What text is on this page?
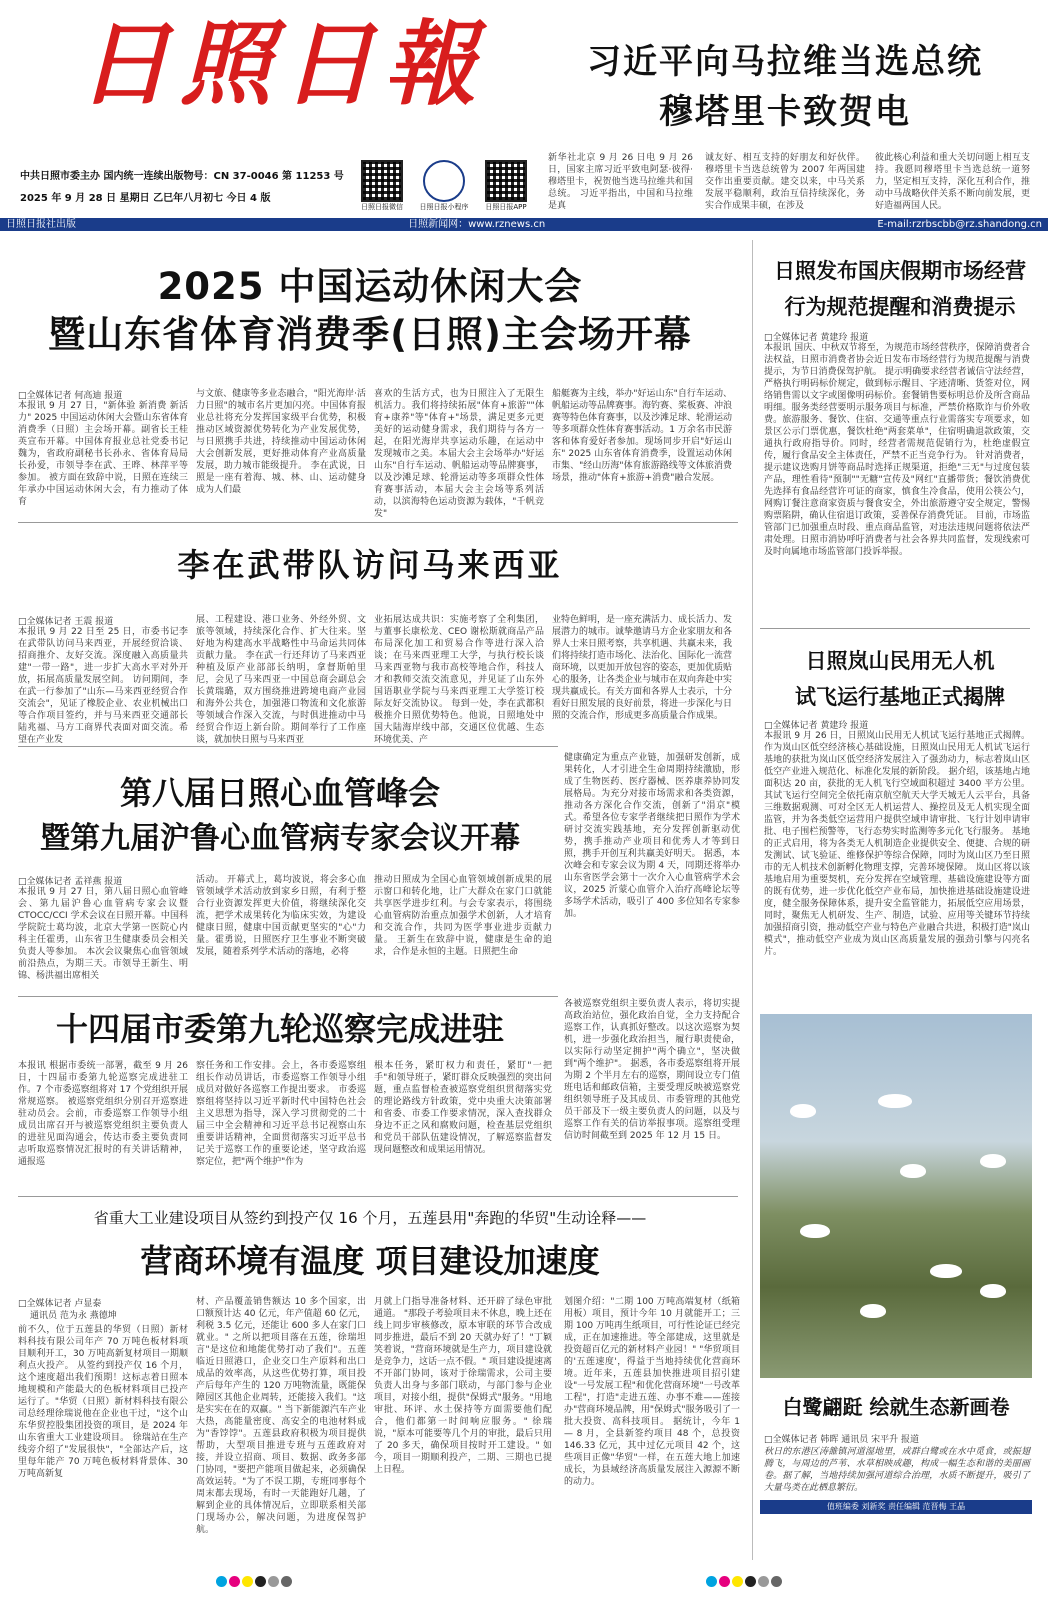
日照日報
中共日照市委主办 国内统一连续出版物号：CN 37-0046 第 11253 号
2025 年 9 月 28 日 星期日 乙巳年八月初七 今日 4 版
日照日报微信	日照日报小程序	日照日报APP
习近平向马拉维当选总统
穆塔里卡致贺电
新华社北京 9 月 26 日电 9 月 26 日，国家主席习近平致电阿瑟·彼得·穆塔里卡，祝贺他当选马拉维共和国总统。 习近平指出，中国和马拉维是真
诚友好、相互支持的好朋友和好伙伴。穆塔里卡当选总统曾为 2007 年两国建交作出重要贡献。建交以来，中马关系发展平稳顺利，政治互信持续深化，务实合作成果丰硕，在涉及
彼此核心利益和重大关切问题上相互支持。我愿同穆塔里卡当选总统一道努力，坚定相互支持，深化互利合作，推动中马战略伙伴关系不断向前发展，更好造福两国人民。
日照日报社出版	日照新闻网：www.rznews.cn	E-mail:rzrbscbb@rz.shandong.cn
2025 中国运动休闲大会
暨山东省体育消费季(日照)主会场开幕
□全媒体记者 何高迪 报道
本报讯 9 月 27 日，"新体验 新消费 新活力" 2025 中国运动休闲大会暨山东省体育消费季（日照）主会场开幕。副省长王桂英宣布开幕。中国体育报业总社党委书记魏为，省政府副秘书长孙永、省体育局局长孙爱，市领导李在武、王晔、林萍平等参加。 被方面在致辞中说，日照在连续三年承办中国运动休闲大会，有力推动了体育
与文旅、健康等多业态融合，"阳光海岸·活力日照"的城市名片更加闪亮。中国体育报业总社将充分发挥国家级平台优势，积极推动区域资源优势转化为产业发展优势，与日照携手共进，持续推动中国运动休闲大会创新发展，更好推动体育产业高质量发展，助力城市能级提升。 李在武说，日照是一座有着海、城、林、山、运动健身成为人们最
喜欢的生活方式，也为日照注入了无限生机活力。我们将持续拓展"体育+旅游""体育+康养"等"体育+"场景，满足更多元更美好的运动健身需求，我们期待与各方一起，在阳光海岸共享运动乐趣，在运动中发现城市之美。本届大会主会场举办"好运山东"自行车运动、帆船运动等品牌赛事，以及沙滩足球、轮滑运动等多项群众性体育赛事活动，本届大会主会场等系列活动，以滨海特色运动资源为载体，"千帆竞发"
船艇赛为主线，举办"好运山东"自行车运动、帆船运动等品牌赛事。海钓赛、桨板赛、冲浪赛等特色体育赛事，以及沙滩足球、轮滑运动等多项群众性体育赛事活动。1 万余名市民游客和体育爱好者参加。现场同步开启"好运山东" 2025 山东省体育消费季，设置运动休闲市集、"经山历海"体育旅游路线等文体旅消费场景，推动"体育+旅游+消费"融合发展。
李在武带队访问马来西亚
□全媒体记者 王震 报道
本报讯 9 月 22 日至 25 日，市委书记李在武带队访问马来西亚，开展经贸洽谈、招商推介、友好交流。深度融入高质量共建"一带一路"，进一步扩大高水平对外开放，拓展高质量发展空间。 访问期间，李在武一行参加了"山东—马来西亚经贸合作交流会"，见证了橡胶企业、农业机械出口等合作项目签约，并与马来西亚交通部长陆兆福、马方工商界代表面对面交流。希望在产业发
展、工程建设、港口业务、外经外贸、文旅等领域，持续深化合作、扩大往来。坚好地为构建高水平战略性中马命运共同体贡献力量。 李在武一行还拜访了马来西亚种植及原产业部部长纳明，拿督斯帕里尼，会见了马来西亚一中国总商会副总会长黄瑞璐，双方围绕推进跨境电商产业园和海外公共仓，加强港口物流和文化旅游等领域合作深入交流，与时俱进推动中马经贸合作迈上新台阶。期间举行了工作座谈，就加快日照与马来西亚
业拓展达成共识：实施考察了全利集团，与董事长康松龙、CEO 谢松斯就商品产品布局深化加工和贸易合作等进行深入洽谈；在马来西亚理工大学，与执行校长谈马来西亚物与我市高校等地合作，科技人才和教师交流交流意见，并见证了山东外国语职业学院与马来西亚理工大学签订校际友好交流协议。 每到一处，李在武都积极推介日照优势特色。他说，日照地处中国大陆海岸线中部，交通区位优越、生态环境优美、产
业特色鲜明，是一座充满活力、成长活力、发展潜力的城市。诚挚邀请马方企业家朋友和各界人士来日照考察，共享机遇、共赢未来，我们将持续打造市场化、法治化、国际化一流营商环境，以更加开放包容的姿态，更加优质贴心的服务，让各类企业与城市在双向奔赴中实现共赢成长。有关方面和各界人士表示，十分看好日照发展的良好前景，将进一步深化与日照的交流合作，形成更多高质量合作成果。
第八届日照心血管峰会
暨第九届沪鲁心血管病专家会议开幕
□全媒体记者 孟祥燕 报道
本报讯 9 月 27 日，第八届日照心血管峰会、第九届沪鲁心血管病专家会议暨 CTOCC/CCI 学术会议在日照开幕。中国科学院院士葛均波，北京大学第一医院心内科主任霍勇，山东省卫生健康委员会相关负责人等参加。 本次会议聚焦心血管领域前沿热点，为期三天。市领导王新生、明锦、杨洪福出席相关
活动。 开幕式上，葛均波说，将会多心血管领域学术活动放到家乡日照，有利于整合行业资源发挥更大价值，将继续深化交流，把学术成果转化为临床实效，为建设健康日照，健康中国贡献更坚实的"心"力量。霍勇说，日照医疗卫生事业不断突破发展，随着系列学术活动的落地，必将
推动日照成为全国心血管领域创新成果的展示窗口和转化地，让广大群众在家门口就能共享医学进步红利。与会专家表示，将围绕心血管病防治重点加强学术创新，人才培育和交流合作，共同为医学事业进步贡献力量。 王新生在致辞中说，健康是生命的追求，合作是永恒的主题。日照把生命
健康确定为重点产业链，加强研发创新，成果转化，人才引进全生命周期持续激励，形成了生物医药、医疗器械、医养康养协同发展格局。为充分对接市场需求和各类资源，推动各方深化合作交流，创新了"涓京"模式。希望各位专家学者继续把日照作为学术研讨交流实践基地，充分发挥创新驱动优势，携手推动产业项目和优秀人才等到日照，携手开创互利共赢美好明天。 据悉，本次峰会和专家会议为期 4 天，同期还将举办山东省医学会第十一次介入心血管病学术会议，2025 沂蒙心血管介入治疗高峰论坛等多场学术活动，吸引了 400 多位知名专家参加。
十四届市委第九轮巡察完成进驻
本报讯 根据市委统一部署，截至 9 月 26 日，十四届市委第九轮巡察完成进驻工作。7 个市委巡察组将对 17 个党组织开展常规巡察。 被巡察党组织分别召开巡察进驻动员会。会前，市委巡察工作领导小组成员出席召开与被巡察党组织主要负责人的进驻见面沟通会，传达市委主要负责同志听取巡察情况汇报时的有关讲话精神，通报巡
察任务和工作安排。会上，各市委巡察组组长作动员讲话，市委巡察工作领导小组成员对做好各巡察工作提出要求。 市委巡察组将坚持以习近平新时代中国特色社会主义思想为指导，深入学习贯彻党的二十届三中全会精神和习近平总书记视察山东重要讲话精神，全面贯彻落实习近平总书记关于巡察工作的重要论述，坚守政治巡察定位，把"两个维护"作为
根本任务，紧盯权力和责任，紧盯"一把手"和领导班子，紧盯群众反映强烈的突出问题，重点监督检查被巡察党组织贯彻落实党的理论路线方针政策，党中央重大决策部署和省委、市委工作要求情况，深入查找群众身边不正之风和腐败问题，检查基层党组织和党员干部队伍建设情况，了解巡察监督发现问题整改和成果运用情况。
各被巡察党组织主要负责人表示，将切实提高政治站位，强化政治自觉，全力支持配合巡察工作，认真抓好整改。以这次巡察为契机，进一步强化政治担当，履行职责使命，以实际行动坚定拥护"两个确立"，坚决做到"两个维护"。 据悉，各市委巡察组将开展为期 2 个半月左右的巡察，期间设立专门值班电话和邮政信箱，主要受理反映被巡察党组织领导班子及其成员、市委管理的其他党员干部及下一级主要负责人的问题，以及与巡察工作有关的信访举报事项。巡察组受理信访时间截至到 2025 年 12 月 15 日。
省重大工业建设项目从签约到投产仅 16 个月，五莲县用"奔跑的华贸"生动诠释——
营商环境有温度 项目建设加速度
□全媒体记者 卢显泰
通讯员 范为永 燕德坤
前不久，位于五莲县的华贸（日照）新材料科技有限公司年产 70 万吨色板材料项目顺利开工，30 万吨高新复材项目一期顺利点火投产。 从签约到投产仅 16 个月，这个速度超出我们预期！这标志着日照本地规模和产能最大的色板材料项目已投产运行了。"华贸（日照）新材料科技有限公司总经理徐瑞说他在企业也干过，"这个山东华贸控股集团投资的项目，是 2024 年山东省重大工业建设项目。 徐瑞站在生产线旁介绍了"发展很快"，"全部达产后，这里每年能产 70 万吨色板材料背景体、30 万吨高新复
材、产品覆盖销售额达 10 多个国家，出口额预计达 40 亿元，年产值超 60 亿元，利税 3.5 亿元，还能让 600 多人在家门口就业。" 之所以把项目落在五莲，徐瑞坦言"是这位和地能优势打动了我们"。五莲临近日照港口，企业交口生产原料和出口成品的效率高，从这些优势打算，项目投产后每年产生的 120 万吨物流量，既能保障园区其他企业周转，还能接入我们。"这是实实在在的双赢。" 当下新能源汽车产业大热，高能量密度、高安全的电池材料成为"香饽饽"。五莲县政府积极为项目提供帮助，大型项目推进专班与五莲政府对接，并设立招商、项目、数据、政务多部门协同，"要把产能项目做起来，必须确保高效运转。"为了不误工期，专班同事每个周末都去现场，有时一天能跑好几趟，了解到企业的具体情况后，立即联系相关部门现场办公，解决问题，为进度保驾护航。
月就上门指导准备材料、还开辟了绿色审批通道。 "那段子考验项目未不休息，晚上还在线上同步审核修改，原本审联的环节合改成同步推进，最后不到 20 天就办好了！"丁颖笑着说，"营商环境就是生产力，项目建设就是竞争力，这话一点不假。" 项目建设提速离不开部门协同，该对于徐瑞需求，公司主要负责人出身与多部门联动，与部门参与企业项目，对接小组，提供"保姆式"服务。"用地审批、环评、水土保持等方面需要他们配合，他们都第一时间响应服务。" 徐瑞说，"原本可能要等几个月的审批，最后只用了 20 多天，确保项目按时开工建设。" 如今，项目一期顺利投产，二期、三期也已提上日程。
划图介绍："二期 100 万吨高端复材（纸箱用板）项目，预计今年 10 月就能开工；三期 100 万吨再生纸项目，可行性论证已经完成，正在加速推进。等全部建成，这里就是投资超百亿元的新材料产业园！" "华贸项目的'五莲速度'，得益于当地持续优化营商环境。近年来，五莲县加快推进项目招引建设"一号发展工程"和优化营商环境"一号改革工程"，打造"走进五莲、办事不难——莲接办"营商环境品牌，用"保姆式"服务吸引了一批大投资、高科技项目。 据统计，今年 1 — 8 月，全县新签约项目 48 个，总投资 146.33 亿元，其中过亿元项目 42 个，这些项目正像"华贸"一样，在五莲大地上加速成长，为县域经济高质量发展注入源源不断的动力。
日照发布国庆假期市场经营
行为规范提醒和消费提示
□全媒体记者 黄建玲 报道
本报讯 国庆、中秋双节将至，为规范市场经营秩序，保障消费者合法权益，日照市消费者协会近日发布市场经营行为规范提醒与消费提示，为节日消费保驾护航。 提示明确要求经营者诚信守法经营，严格执行明码标价规定，做到标示醒目、字迹清晰、货签对位，网络销售需以文字或图像明码标价。套餐销售要标明总价及所含商品明细。服务类经营要明示服务项目与标准，严禁价格欺诈与价外收费。旅游服务、餐饮、住宿、交通等重点行业需落实专项要求，如景区公示门票优惠，餐饮杜绝"两套菜单"，住宿明确退款政策，交通执行政府指导价。同时，经营者需规范促销行为，杜绝虚假宣传，履行食品安全主体责任，严禁不正当竞争行为。 针对消费者，提示建议选购月饼等商品时选择正规渠道，拒绝"三无"与过度包装产品，理性看待"预制""无糖"宣传及"网红"直播带货；餐饮消费优先选择有食品经营许可证的商家，慎食生冷食品，使用公筷公勺，网购订餐注意商家资质与餐食安全，外出旅游遵守安全规定，警惕购票陷阱，确认住宿退订政策，妥善保存消费凭证。 目前，市场监管部门已加强重点时段、重点商品监管，对违法违规问题将依法严肃处理。日照市消协呼吁消费者与社会各界共同监督，发现线索可及时向属地市场监管部门投诉举报。
日照岚山民用无人机
试飞运行基地正式揭牌
□全媒体记者 黄建玲 报道
本报讯 9 月 26 日，日照岚山民用无人机试飞运行基地正式揭牌。作为岚山区低空经济核心基础设施，日照岚山民用无人机试飞运行基地的获批为岚山区低空经济发展注入了强劲动力，标志着岚山区低空产业进入规范化、标准化发展的新阶段。 据介绍，该基地占地面积达 20 亩，获批的无人机飞行空域面积超过 3400 平方公里。其试飞运行空间完全依托南京航空航天大学天城无人云平台，具备三维数据观测、可对全区无人机运营人、操控员及无人机实现全面监管，并为各类低空运营用户提供空域申请审批、飞行计划申请审批、电子围栏预警等，飞行态势实时监测等多元化飞行服务。 基地的正式启用，将为各类无人机制造企业提供安全、便捷、合规的研发测试、试飞验证、维修保护等综合保障，同时为岚山区乃至日照市的无人机技术创新孵化物理支撑，完善环境保障。 岚山区将以该基地启用为重要契机，充分发挥在空域管理、基础设施建设等方面的既有优势，进一步优化低空产业布局，加快推进基础设施建设进度，健全服务保障体系，提升安全监管能力，拓展低空应用场景，同时，聚焦无人机研发、生产、制造，试验、应用等关键环节持续加强招商引资，推动低空产业与特色产业融合共进，积极打造"岚山模式"，推动低空产业成为岚山区高质量发展的强劲引擎与闪亮名片。
白鹭翩跹 绘就生态新画卷
□全媒体记者 韩晖 通讯员 宋平升 报道
秋日的东港区涛雒镇河道湿地里，成群白鹭或在水中觅食，或振翅腾飞，与周边的芦苇、水草相映成趣，构成一幅生态和谐的美丽画卷。据了解，当地持续加强河道综合治理，水质不断提升，吸引了大量鸟类在此栖息繁衍。
值班编委 刘新奖 责任编辑 范晋梅 王晶
